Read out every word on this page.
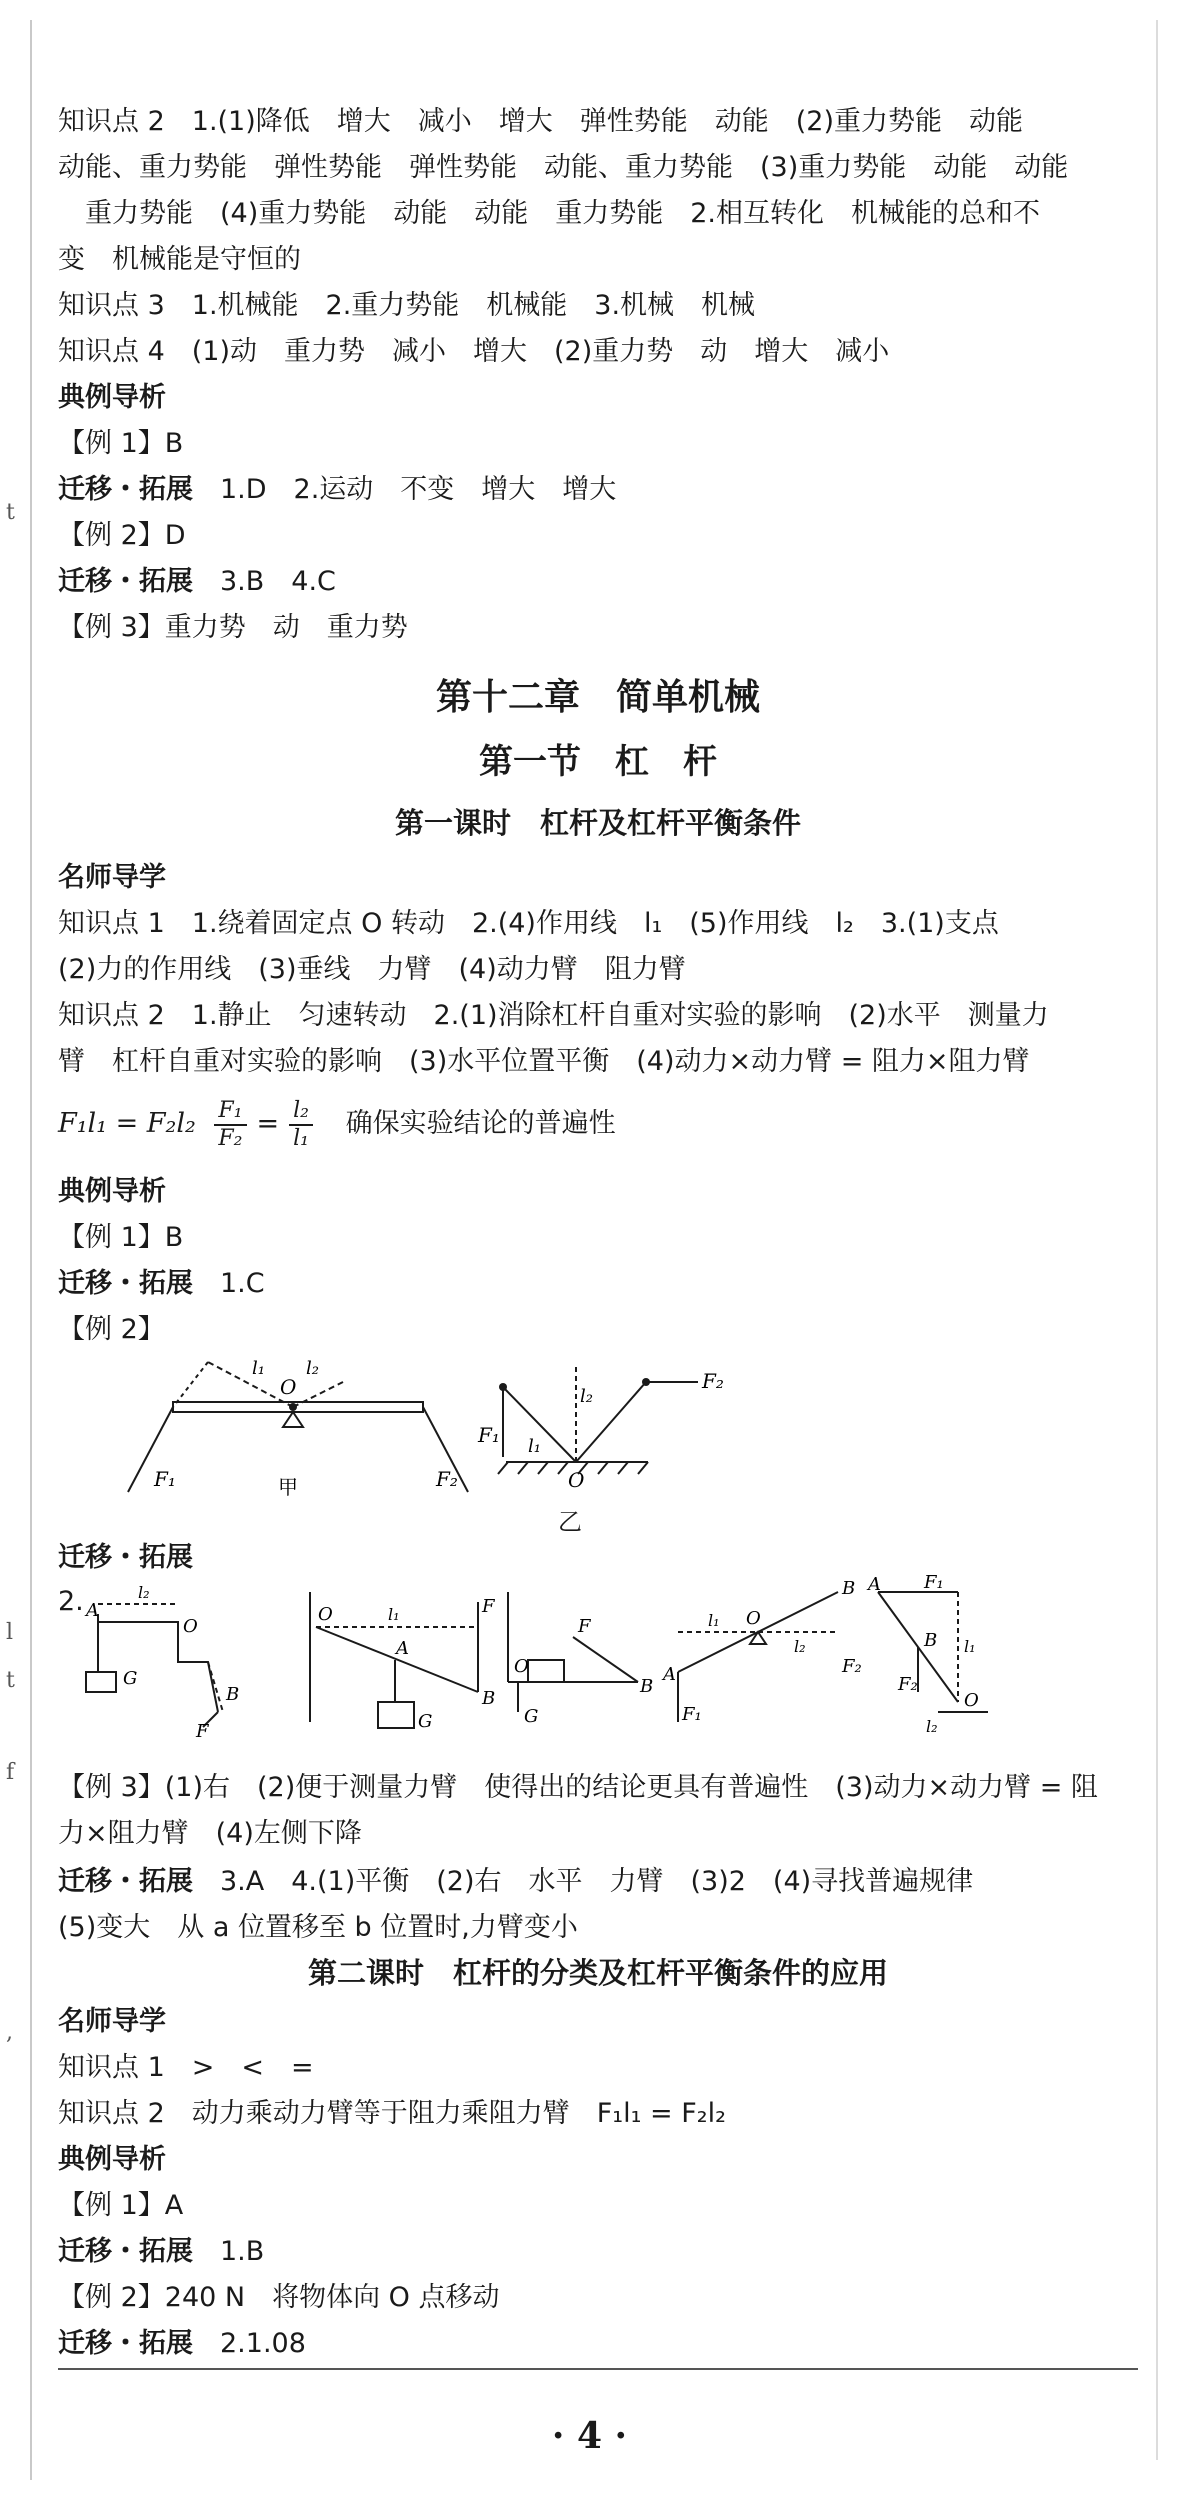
t
l
t
f
,
知识点 2　1.(1)降低　增大　减小　增大　弹性势能　动能　(2)重力势能　动能
动能、重力势能　弹性势能　弹性势能　动能、重力势能　(3)重力势能　动能　动能
　重力势能　(4)重力势能　动能　动能　重力势能　2.相互转化　机械能的总和不
变　机械能是守恒的
知识点 3　1.机械能　2.重力势能　机械能　3.机械　机械
知识点 4　(1)动　重力势　减小　增大　(2)重力势　动　增大　减小
典例导析
【例 1】B
迁移・拓展　 1.D　2.运动　不变　增大　增大
【例 2】D
迁移・拓展　 3.B　4.C
【例 3】重力势　动　重力势
第十二章　简单机械
第一节　杠　杆
第一课时　杠杆及杠杆平衡条件
名师导学
知识点 1　1.绕着固定点 O 转动　2.(4)作用线　l₁　(5)作用线　l₂　3.(1)支点
(2)力的作用线　(3)垂线　力臂　(4)动力臂　阻力臂
知识点 2　1.静止　匀速转动　2.(1)消除杠杆自重对实验的影响　(2)水平　测量力
臂　杠杆自重对实验的影响　(3)水平位置平衡　(4)动力×动力臂 = 阻力×阻力臂
$F_1l_1 = F_2l_2 \frac{\text{F₁}}{\text{F₂}} = \frac{\text{l₂}}{\text{l₁}}$ 确保实验结论的普遍性
典例导析
【例 1】B
迁移・拓展　 1.C
【例 2】
O
l₁ l₂
F₁	F₂
甲
F₁
F₂
l₁
l₂
O
乙
迁移・拓展
2. A
O
B
F
G
l₂
O
A
F
B
G
l₁
O
F
B
G
A
O
B
F₁
F₂
l₁
l₂
A F₁
B
F₂
O
l₁
l₂
【例 3】(1)右　(2)便于测量力臂　使得出的结论更具有普遍性　(3)动力×动力臂 = 阻
力×阻力臂　(4)左侧下降
迁移・拓展　 3.A　4.(1)平衡　(2)右　水平　力臂　(3)2　(4)寻找普遍规律
(5)变大　从 a 位置移至 b 位置时,力臂变小
第二课时　杠杆的分类及杠杆平衡条件的应用
名师导学
知识点 1　>　<　=
知识点 2　动力乘动力臂等于阻力乘阻力臂　F₁l₁ = F₂l₂
典例导析
【例 1】A
迁移・拓展　 1.B
【例 2】240 N　将物体向 O 点移动
迁移・拓展　 2.1.08
· 4 ·
